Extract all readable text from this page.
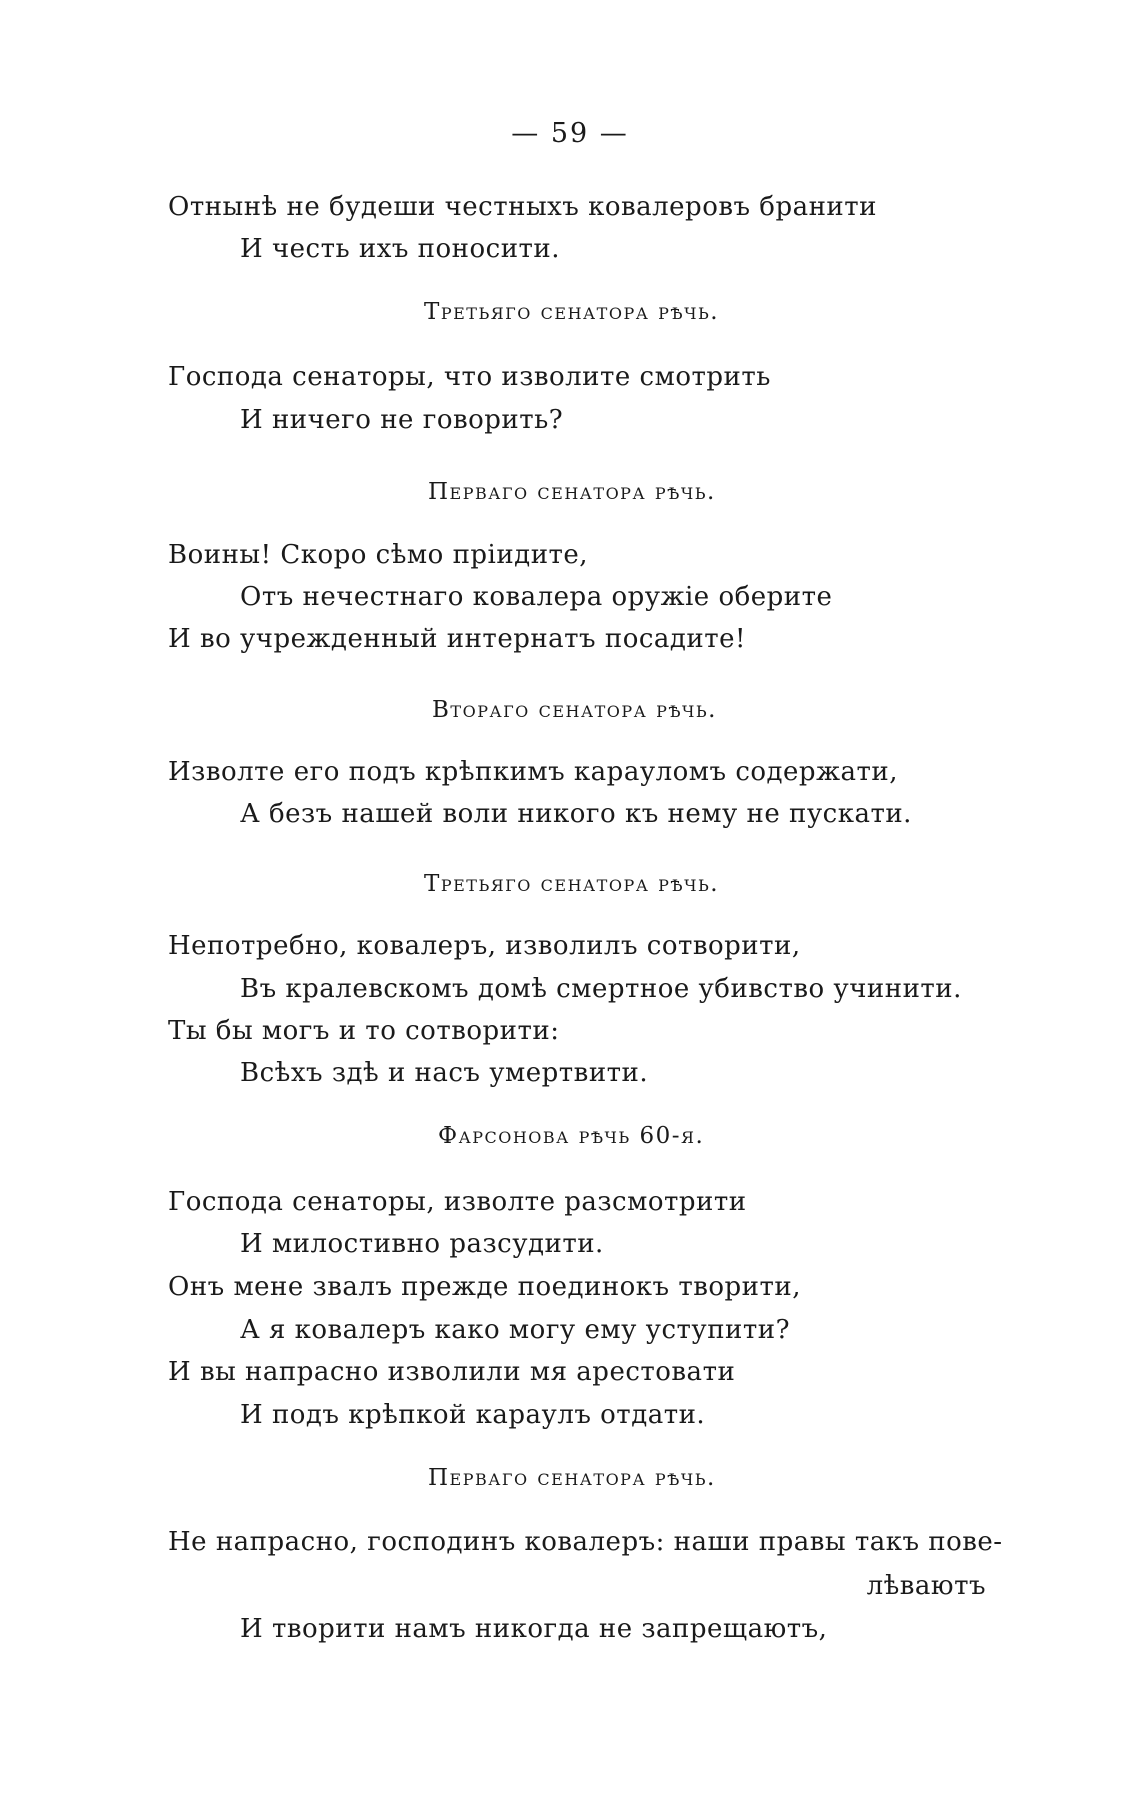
— 59 —
Отнынѣ не будеши честныхъ ковалеровъ бранити
И честь ихъ поносити.
Третьяго сенатора рѣчь.
Господа сенаторы, что изволите смотрить
И ничего не говорить?
Перваго сенатора рѣчь.
Воины! Скоро сѣмо пріидите,
Отъ нечестнаго ковалера оружіе оберите
И во учрежденный интернатъ посадите!
Втораго сенатора рѣчь.
Изволте его подъ крѣпкимъ карауломъ содержати,
А безъ нашей воли никого къ нему не пускати.
Третьяго сенатора рѣчь.
Непотребно, ковалеръ, изволилъ сотворити,
Въ кралевскомъ домѣ смертное убивство учинити.
Ты бы могъ и то сотворити:
Всѣхъ здѣ и насъ умертвити.
Фарсонова рѣчь 60-я.
Господа сенаторы, изволте разсмотрити
И милостивно разсудити.
Онъ мене звалъ прежде поединокъ творити,
А я ковалеръ како могу ему уступити?
И вы напрасно изволили мя арестовати
И подъ крѣпкой караулъ отдати.
Перваго сенатора рѣчь.
Не напрасно, господинъ ковалеръ: наши правы такъ пове-
лѣваютъ
И творити намъ никогда не запрещаютъ,
